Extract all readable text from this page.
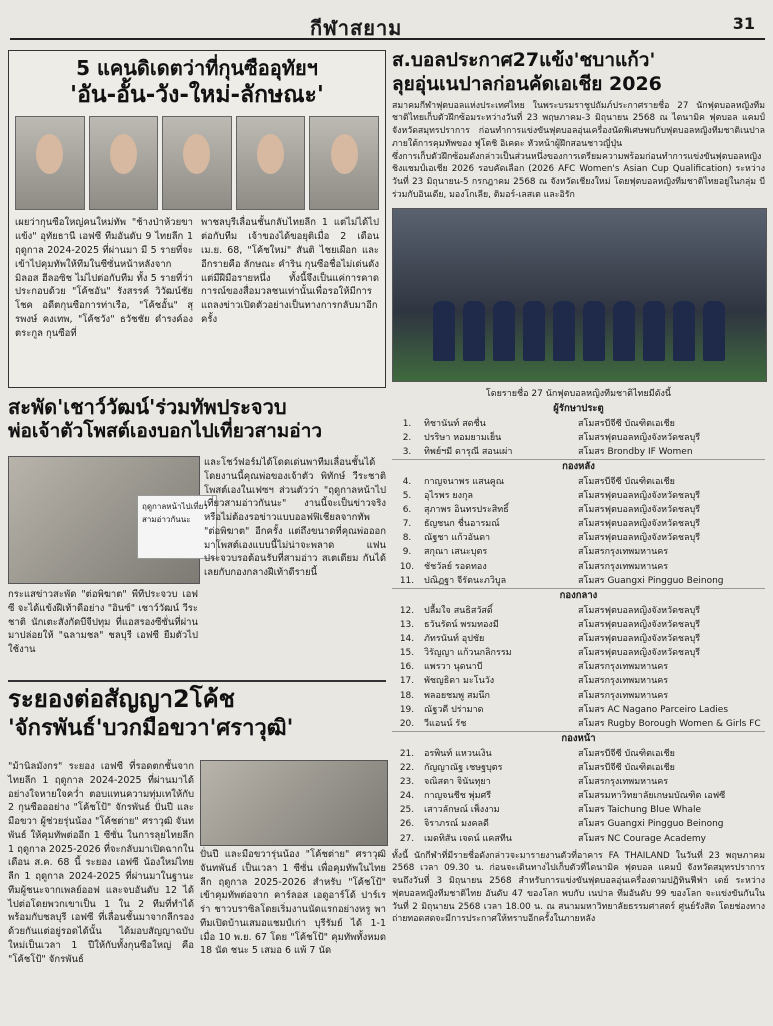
กีฬาสยาม	31

5 แคนดิเดตว่าที่กุนซืออุทัยฯ

'อัน-อั้น-วัง-ใหม่-ลักษณะ'

เผยว่ากุนซือใหญ่คนใหม่ทัพ "ช้างป่าห้วยขาแข้ง" อุทัยธานี เอฟซี ทีมอันดับ 9 ไทยลีก 1 ฤดูกาล 2024-2025 ที่ผ่านมา มี 5 รายที่จะเข้าไปคุมทัพให้ทีมในซีซั่นหน้าหลังจาก มิลอส ฮีลอซิช ไม่ไปต่อกับทีม ทั้ง 5 รายที่ว่าประกอบด้วย "โค้ชอัน" รังสรรค์ วิวัฒน์ชัยโชค อดีตกุนซือการท่าเรือ, "โค้ชอั้น" สุรพงษ์ คงเทพ, "โค้ชวัง" ธวัชชัย ดำรงค์องตระกูล กุนซือที่

พาชลบุรีเลื่อนชั้นกลับไทยลีก 1 แต่ไม่ได้ไปต่อกับทีม เจ้าของได้ขอยุติเมื่อ 2 เดือน เม.ย. 68, "โค้ชใหม่" สันติ ไชยเผือก และอีกรายคือ ลักษณะ คำริน กุนซือชื่อไม่เด่นดังแต่มีฝีมือรายหนึ่ง ทั้งนี้จึงเป็นแค่การคาดการณ์ของสื่อมวลชนเท่านั้นเพื่อรอให้มีการแถลงข่าวเปิดตัวอย่างเป็นทางการกลับมาอีกครั้ง

สะพัด'เชาว์วัฒน์'ร่วมทัพประจวบ

พ่อเจ้าตัวโพสต์เองบอกไปเที่ยวสามอ่าว

ฤดูกาลหน้าไปเที่ยวสามอ่าวกันนะ

และโชว์ฟอร์มได้โดดเด่นพาทีมเลื่อนชั้นได้ โดยงานนี้คุณพ่อของเจ้าตัว พิทักษ์ วีระชาติ โพสต์เองในเฟซฯ ส่วนตัวว่า "ฤดูกาลหน้าไปเที่ยวสามอ่าวกันนะ" งานนี้จะเป็นข่าวจริงหรือไม่ต้องรอข่าวแบบออฟฟิเชียลจากทัพ "ต่อพิฆาต" อีกครั้ง แต่ถึงขนาดที่คุณพ่อออกมาโพสต์เองแบบนี้ไม่น่าจะพลาด แฟนประจวบรอต้อนรับที่สามอ่าว สเตเดียม กันได้เลยกับกองกลางฝีเท้าดีรายนี้

กระแสข่าวสะพัด "ต่อพิฆาต" พีทีประจวบ เอฟซี จะได้แข้งฝีเท้าดีอย่าง "อินซ์" เชาว์วัฒน์ วีระชาติ นักเตะสังกัดบีจีปทุม ที่แอสรองซีซั่นที่ผ่านมาปล่อยให้ "ฉลามชล" ชลบุรี เอฟซี ยืมตัวไปใช้งาน

ระยองต่อสัญญา2โค้ช

'จักรพันธ์'บวกมือขวา'ศราวุฒิ'

"ม้านิลมังกร" ระยอง เอฟซี ที่รอดตกชั้นจากไทยลีก 1 ฤดูกาล 2024-2025 ที่ผ่านมาได้อย่างใจหายใจคว่ำ ตอบแทนความทุ่มเทให้กับ 2 กุนซือออย่าง "โค้ชโป้" จักรพันธ์ ปั่นปี และมือขวา ผู้ช่วยรุ่นน้อง "โค้ชต่าย" ศราวุฒิ จันทพันธ์ ให้คุมทัพต่ออีก 1 ซีซั่น ในการลุยไทยลีก 1 ฤดูกาล 2025-2026 ที่จะกลับมาเปิดฉากในเดือน ส.ค. 68 นี้ ระยอง เอฟซี น้องใหม่ไทยลีก 1 ฤดูกาล 2024-2025 ที่ผ่านมาในฐานะทีมผู้ชนะจากเพลย์ออฟ และจบอันดับ 12 ได้ไปต่อโดยพวกเขาเป็น 1 ใน 2 ทีมที่ทำได้ พร้อมกับชลบุรี เอฟซี ที่เลื่อนชั้นมาจากลีกรองด้วยกันแต่อยู่รอดได้นั้น ได้มอบสัญญาฉบับใหม่เป็นเวลา 1 ปีให้กับทั้งกุนซือใหญ่ คือ "โค้ชโป้" จักรพันธ์

ปั่นปี และมือขวารุ่นน้อง "โค้ชต่าย" ศราวุฒิ จันทพันธ์ เป็นเวลา 1 ซีซั่น เพื่อคุมทัพในไทยลีก ฤดูกาล 2025-2026 สำหรับ "โค้ชโป้" เข้าคุมทัพต่อจาก คาร์ลอส เอดูอาร์โด้ ปาร์เรร่า ชาวบราซิลโดยเริ่มงานนัดแรกอย่างหรู พาทีมเปิดบ้านเสมอแชมป์เก่า บุรีรัมย์ ได้ 1-1 เมื่อ 10 พ.ย. 67 โดย "โค้ชโป้" คุมทัพทั้งหมด 18 นัด ชนะ 5 เสมอ 6 แพ้ 7 นัด

ส.บอลประกาศ27แข้ง'ชบาแก้ว'

ลุยอุ่นเนปาลก่อนคัดเอเชีย 2026

สมาคมกีฬาฟุตบอลแห่งประเทศไทย ในพระบรมราชูปถัมภ์ประกาศรายชื่อ 27 นักฟุตบอลหญิงทีมชาติไทยเก็บตัวฝึกซ้อมระหว่างวันที่ 23 พฤษภาคม-3 มิถุนายน 2568 ณ ไดนามิค ฟุตบอล แคมป์ จังหวัดสมุทรปราการ ก่อนทำการแข่งขันฟุตบอลอุ่นเครื่องนัดพิเศษพบกับฟุตบอลหญิงทีมชาติเนปาลภายใต้การคุมทัพของ ฟูโตชิ อิเคดะ หัวหน้าผู้ฝึกสอนชาวญี่ปุ่น

ซึ่งการเก็บตัวฝึกซ้อมดังกล่าวเป็นส่วนหนึ่งของการเตรียมความพร้อมก่อนทำการแข่งขันฟุตบอลหญิงชิงแชมป์เอเชีย 2026 รอบคัดเลือก (2026 AFC Women's Asian Cup Qualification) ระหว่างวันที่ 23 มิถุนายน-5 กรกฎาคม 2568 ณ จังหวัดเชียงใหม่ โดยฟุตบอลหญิงทีมชาติไทยอยู่ในกลุ่ม บี ร่วมกับอินเดีย, มองโกเลีย, ติมอร์-เลสเต และอิรัก

โดยรายชื่อ 27 นักฟุตบอลหญิงทีมชาติไทยมีดังนี้

ผู้รักษาประตู		
1.	ทิชานันท์ สดชื่น	สโมสรบีจีซี บัณฑิตเอเชีย
2.	ปรริษา หอมยามเย็น	สโมสรฟุตบอลหญิงจังหวัดชลบุรี
3.	ทิพย์ฯมี ดารุณี สอนเผ่า	สโมสร Brondby IF Women
กองหลัง		
4.	กาญจนาพร แสนคูณ	สโมสรบีจีซี บัณฑิตเอเชีย
5.	อุไรพร ยงกุล	สโมสรฟุตบอลหญิงจังหวัดชลบุรี
6.	สุภาพร อินทรประสิทธิ์	สโมสรฟุตบอลหญิงจังหวัดชลบุรี
7.	ธัญชนก ชื่นอารมณ์	สโมสรฟุตบอลหญิงจังหวัดชลบุรี
8.	ณัฐชา แก้วอันดา	สโมสรฟุตบอลหญิงจังหวัดชลบุรี
9.	สกุณา เสนะบุตร	สโมสรกรุงเทพมหานคร
10.	ชัชวัลย์ รอดทอง	สโมสรกรุงเทพมหานคร
11.	ปณิฏฐา จีรัตนะภวิบูล	สโมสร Guangxi Pingguo Beinong
กองกลาง		
12.	ปลื้มใจ สนธิสวัสดิ์	สโมสรฟุตบอลหญิงจังหวัดชลบุรี
13.	ธวันรัตน์ พรมทองมี	สโมสรฟุตบอลหญิงจังหวัดชลบุรี
14.	ภัทรนันท์ อุปชัย	สโมสรฟุตบอลหญิงจังหวัดชลบุรี
15.	วิรัญญา แก้วนกลิกรรม	สโมสรฟุตบอลหญิงจังหวัดชลบุรี
16.	แพรวา นุดนาบี	สโมสรกรุงเทพมหานคร
17.	พัชญธิดา มะโนวัง	สโมสรกรุงเทพมหานคร
18.	พลอยชมพู สมนึก	สโมสรกรุงเทพมหานคร
19.	ณัฐวดี ปร่ามาด	สโมสร AC Nagano Parceiro Ladies
20.	วีแอนน์ รัช	สโมสร Rugby Borough Women & Girls FC
กองหน้า		
21.	อรพินท์ แหวนเงิน	สโมสรบีจีซี บัณฑิตเอเชีย
22.	กัญญาณัฐ เชษฐบุตร	สโมสรบีจีซี บัณฑิตเอเชีย
23.	จณิสตา จินันทุยา	สโมสรกรุงเทพมหานคร
24.	กาญจนชีช พุ่มศรี	สโมสรมหาวิทยาลัยเกษมบัณฑิต เอฟซี
25.	เสาวลักษณ์ เพ็งงาม	สโมสร Taichung Blue Whale
26.	จิราภรณ์ มงคลดี	สโมสร Guangxi Pingguo Beinong
27.	เมดทิสัน เจดน์ แคสทีน	สโมสร NC Courage Academy

ทั้งนี้ นักกีฬาที่มีรายชื่อดังกล่าวจะมารายงานตัวที่อาคาร FA THAILAND ในวันที่ 23 พฤษภาคม 2568 เวลา 09.30 น. ก่อนจะเดินทางไปเก็บตัวที่ไดนามิค ฟุตบอล แคมป์ จังหวัดสมุทรปราการ จนถึงวันที่ 3 มิถุนายน 2568 สำหรับการแข่งขันฟุตบอลอุ่นเครื่องตามปฏิทินฟีฟ่า เดย์ ระหว่าง ฟุตบอลหญิงทีมชาติไทย อันดับ 47 ของโลก พบกับ เนปาล ทีมอันดับ 99 ของโลก จะแข่งขันกันในวันที่ 2 มิถุนายน 2568 เวลา 18.00 น. ณ สนามมหาวิทยาลัยธรรมศาสตร์ ศูนย์รังสิต โดยช่องทางถ่ายทอดสดจะมีการประกาศให้ทราบอีกครั้งในภายหลัง
